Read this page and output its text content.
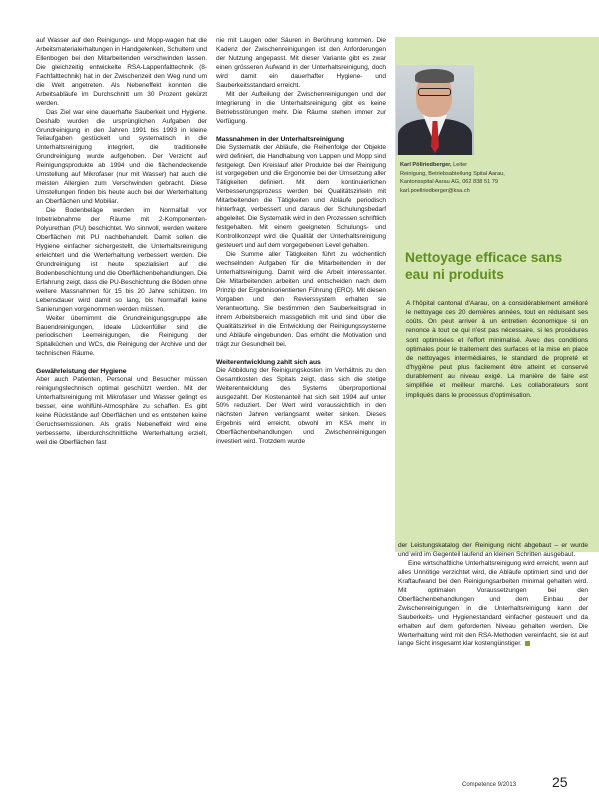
auf Wasser auf den Reinigungs- und Mopp-wagen hat die Arbeitsmaterialerhaltungen in Handgelenken, Schultern und Ellenbogen bei den Mitarbeitenden verschwinden lassen. Die gleichzeitig entwickelte RSA-Lappenfalttechnik (8-Fachfalttechnik) hat in der Zwischenzeit den Weg rund um die Welt angetreten. Als Nebeneffekt konnten die Arbeitsabläufe im Durchschnitt um 30 Prozent gekürzt werden.

Das Ziel war eine dauerhafte Sauberkeit und Hygiene. Deshalb wurden die ursprünglichen Aufgaben der Grundreinigung in den Jahren 1991 bis 1993 in kleine Teilaufgaben gestückelt und systematisch in die Unterhaltsreinigung integriert, die traditionelle Grundreinigung wurde aufgehoben. Der Verzicht auf Reinigungsprodukte ab 1994 und die flächendeckende Umstellung auf Mikrofaser (nur mit Wasser) hat auch die meisten Allergien zum Verschwinden gebracht. Diese Umstellungen finden bis heute auch bei der Werterhaltung an Oberflächen und Mobiliar.

Die Bodenbeläge werden im Normalfall vor Inbetriebnahme der Räume mit 2-Komponenten-Polyurethan (PU) beschichtet. Wo sinnvoll, werden weitere Oberflächen mit PU nachbehandelt. Damit sollen die Hygiene einfacher sichergestellt, die Unterhaltsreinigung erleichtert und die Werterhaltung verbessert werden. Die Grundreinigung ist heute spezialisiert auf die Bodenbeschichtung und die Oberflächenbehandlungen. Die Erfahrung zeigt, dass die PU-Beschichtung die Böden ohne weitere Massnahmen für 15 bis 20 Jahre schützen. Im Lebensdauer wird damit so lang, bis Normalfall keine Sanierungen vorgenommen werden müssen.

Weiter übernimmt die Grundreinigungsgruppe alle Bauendreinigungen, Ideale Lückenfüller sind die periodischen Leerreinigungen, die Reinigung der Spitalküchen und WCs, die Reinigung der Archive und der technischen Räume.

Gewährleistung der Hygiene

Aber auch Patienten, Personal und Besucher müssen reinigungstechnisch optimal geschützt werden. Mit der Unterhaltsreinigung mit Mikrofaser und Wasser gelingt es besser, eine wohlfühl-Atmosphäre zu schaffen. Es gibt keine Rückstände auf Oberflächen und es entstehen keine Geruchsemissionen. Als gratis Nebeneffekt wird eine verbesserte, überdurchschnittliche Werterhaltung erzielt, weil die Oberflächen fast

nie mit Laugen oder Säuren in Berührung kommen. Die Kadenz der Zwischenreinigungen ist den Anforderungen der Nutzung angepasst. Mit dieser Variante gibt es zwar einen grösseren Aufwand in der Unterhaltsreinigung, doch wird damit ein dauerhafter Hygiene- und Sauberkeitsstandard erreicht.

Mit der Aufteilung der Zwischenreinigungen und der Integrierung in die Unterhaltsreinigung gibt es keine Betriebsstörungen mehr. Die Räume stehen immer zur Verfügung.

Massnahmen in der Unterhaltsreinigung

Die Systematik der Abläufe, die Reihenfolge der Objekte wird definiert, die Handhabung von Lappen und Mopp sind festgelegt. Den Kreislauf aller Produkte bei der Reinigung ist vorgegeben und die Ergonomie bei der Umsetzung aller Tätigkeiten definiert. Mit dem kontinuierlichen Verbesserungsprozess werden bei Qualitätszirkeln mit Mitarbeitenden die Tätigkeiten und Abläufe periodisch hinterfragt, verbessert und daraus der Schulungsbedarf abgeleitet. Die Systematik wird in den Prozessen schriftlich festgehalten. Mit einem geeigneten Schulungs- und Kontrollkonzept wird die Qualität der Unterhaltsreinigung gesteuert und auf dem vorgegebenen Level gehalten.

Die Summe aller Tätigkeiten führt zu wöchentlich wechselnden Aufgaben für die Mitarbeitenden in der Unterhaltsreinigung. Damit wird die Arbeit interessanter. Die Mitarbeitenden arbeiten und entscheiden nach dem Prinzip der Ergebnisorientierten Führung (ERO). Mit diesen Vorgaben und den Revierssystem erhalten sie Verantwortung. Sie bestimmen den Sauberkeitsgrad in ihrem Arbeitsbereich massgeblich mit und sind über die Qualitätszirkel in die Entwicklung der Reinigungssysteme und Abläufe eingebunden. Das erhöht die Motivation und trägt zur Gesundheit bei.

Weiterentwicklung zahlt sich aus

Die Abbildung der Reinigungskosten im Verhältnis zu den Gesamtkosten des Spitals zeigt, dass sich die stetige Weiterentwicklung des Systems überproportional ausgezahlt. Der Kostenanteil hat sich seit 1994 auf unter 50% reduziert. Der Wert wird voraussichtlich in den nächsten Jahren verlangsamt weiter sinken. Dieses Ergebnis wird erreicht, obwohl im KSA mehr in Oberflächenbehandlungen und Zwischenreinigungen investiert wird. Trotzdem wurde

Karl Pöllriedberger, Leiter
Reinigung, Betriebsabteilung Spital Aarau,
Kantonsspital Aarau AG, 062 838 51 79
karl.poellriedberger@ksa.ch
Nettoyage efficace sans eau ni produits
A l'hôpital cantonal d'Aarau, on a considérablement amélioré le nettoyage ces 20 dernières années, tout en réduisant ses coûts. On peut arriver à un entretien économique si on renonce à tout ce qui n'est pas nécessaire, si les procédures sont optimisées et l'effort minimalisé. Avec des conditions optimales pour le traitement des surfaces et la mise en place de nettoyages intermédiaires, le standard de propreté et d'hygiène peut plus facilement être atteint et conservé durablement au niveau exigé. La manière de faire est simplifiée et meilleur marché. Les collaborateurs sont impliqués dans le processus d'optimisation.

der Leistungskatalog der Reinigung nicht abgebaut – er wurde und wird im Gegenteil laufend an kleinen Schritten ausgebaut.

Eine wirtschaftliche Unterhaltsreinigung wird erreicht, wenn auf alles Unnötige verzichtet wird, die Abläufe optimiert sind und der Kraftaufwand bei den Reinigungsarbeiten minimal gehalten wird. Mit optimalen Voraussetzungen bei den Oberflächenbehandlungen und dem Einbau der Zwischenreinigungen in die Unterhaltsreinigung kann der Sauberkeits- und Hygienestandard einfacher gesteuert und da erhalten auf dem geforderten Niveau gehalten werden. Die Werterhaltung wird mit den RSA-Methoden vereinfacht, sie ist auf lange Sicht insgesamt klar kostengünstiger.

Competence 9/2013	25
